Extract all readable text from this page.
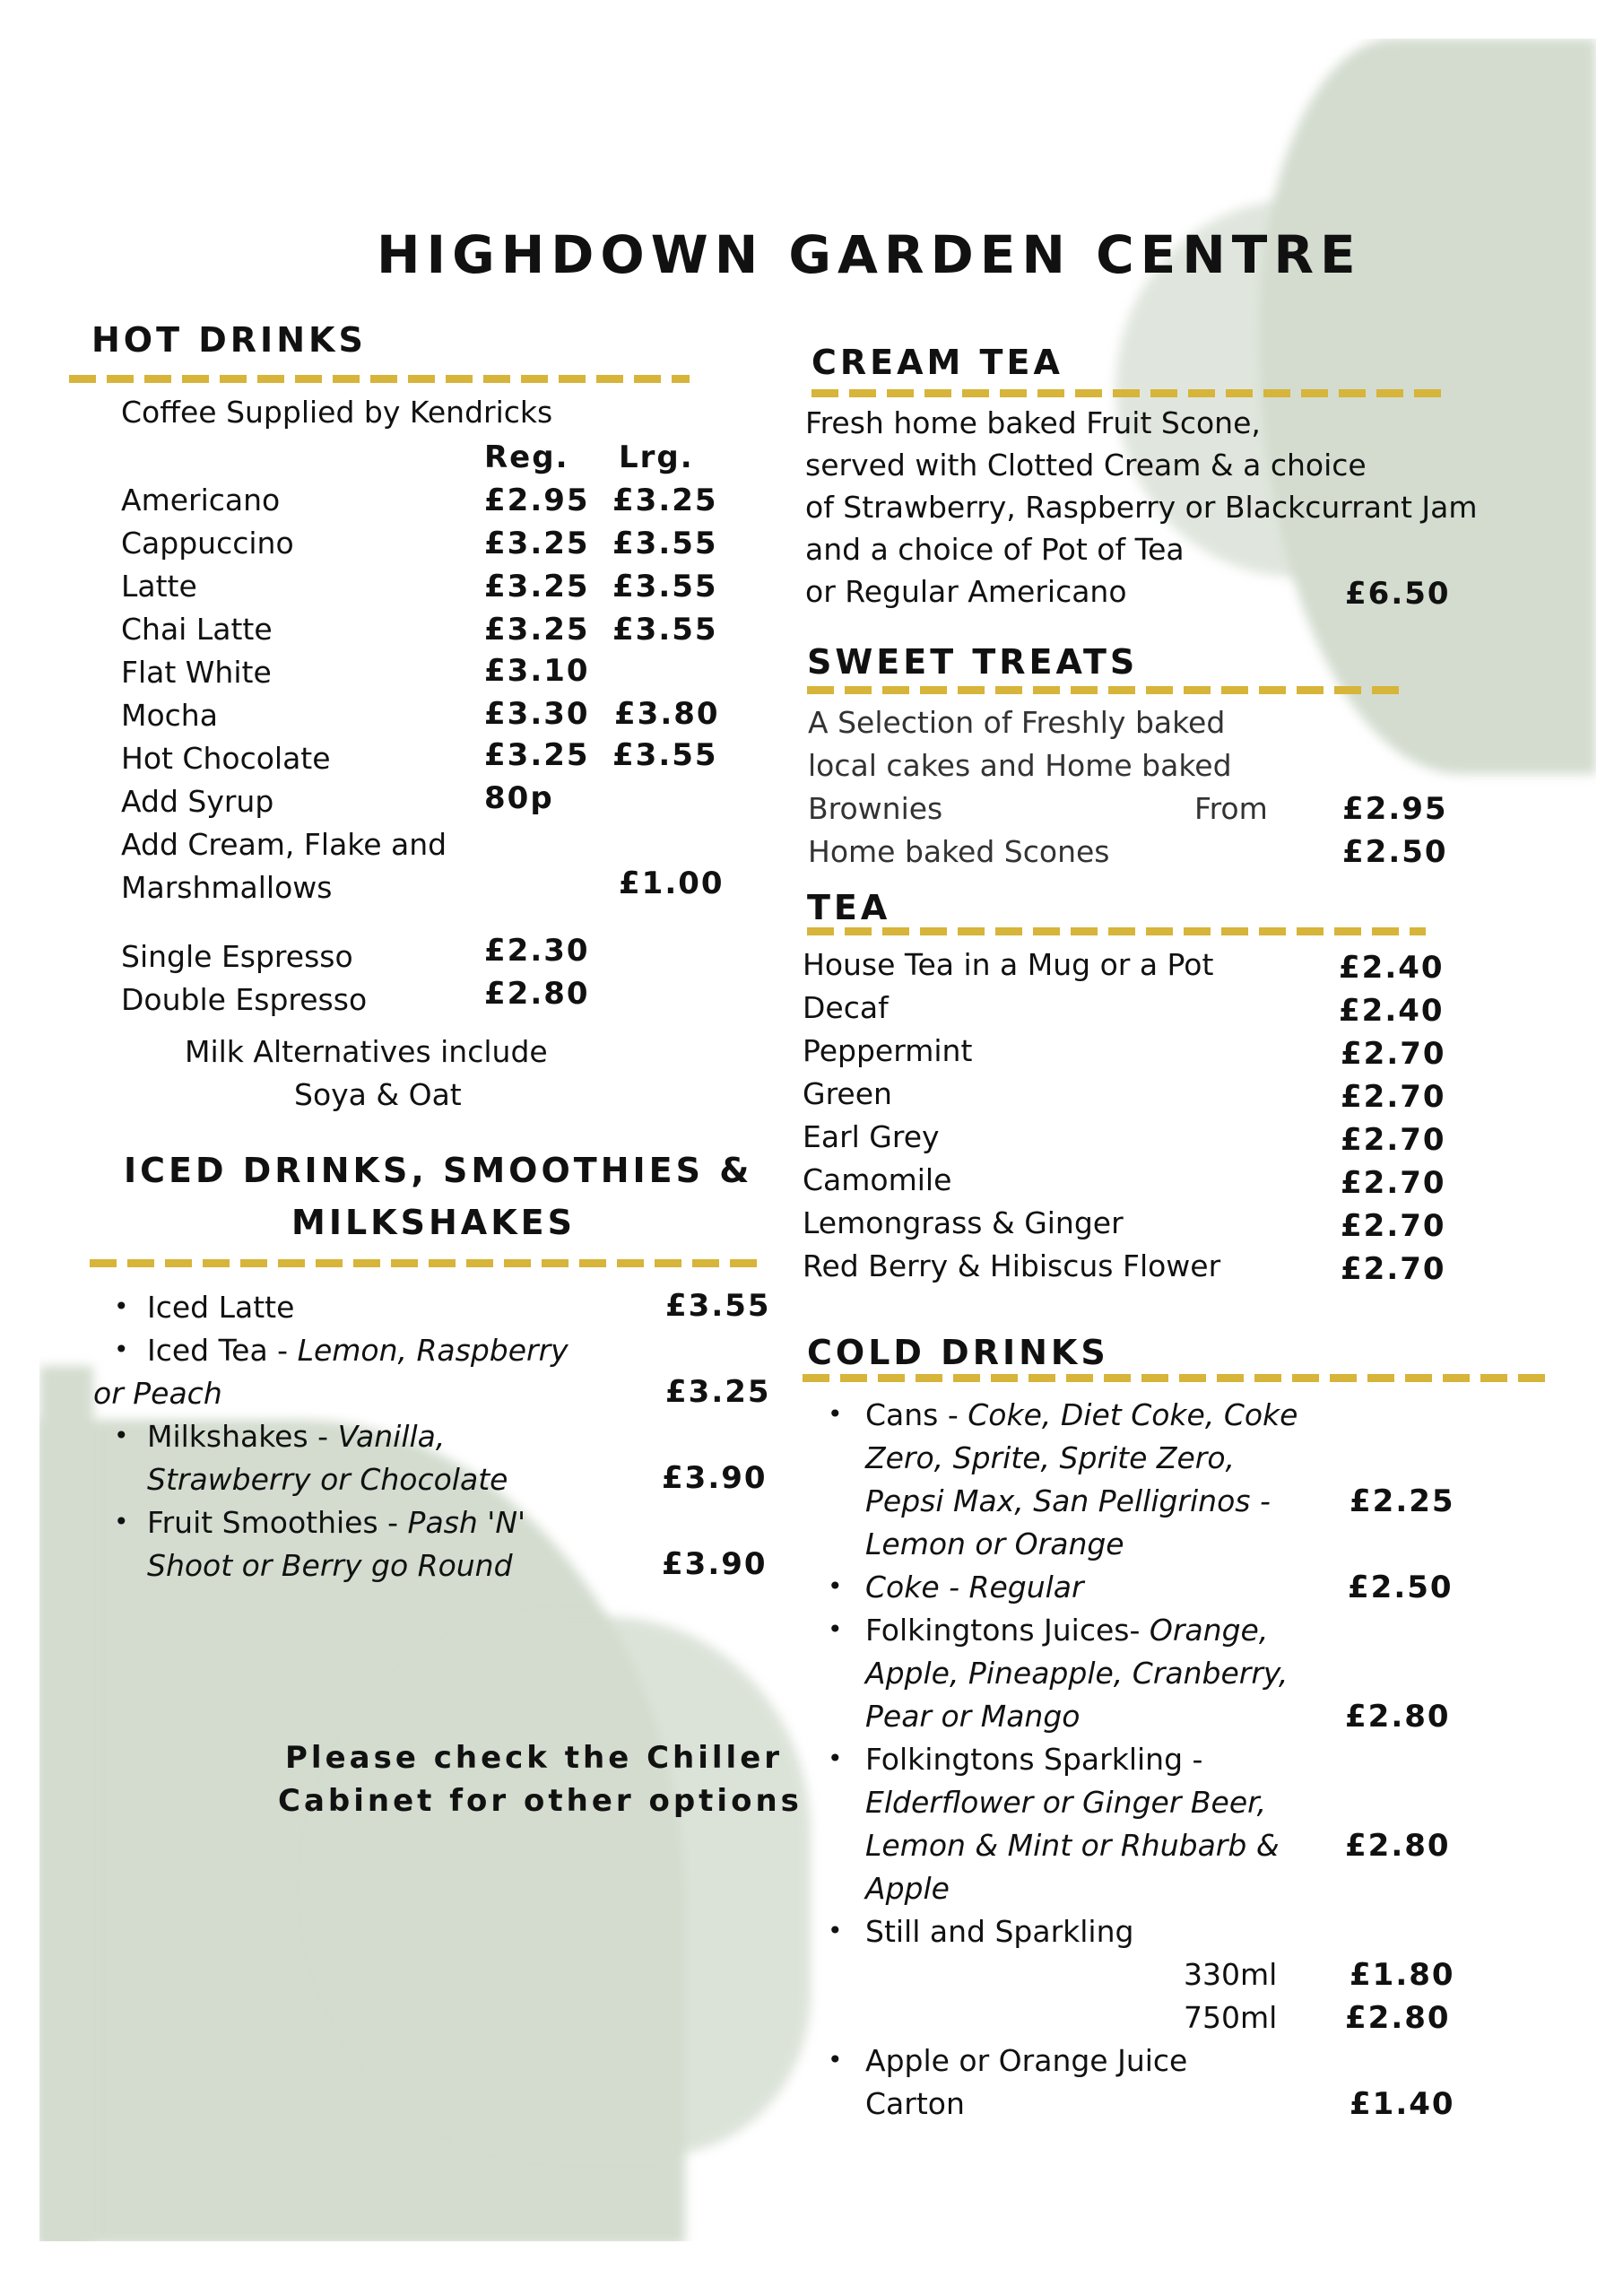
HIGHDOWN GARDEN CENTRE
HOT DRINKS
Coffee Supplied by Kendricks
Reg. Lrg.
Americano	£2.95 £3.25
Cappuccino	£3.25 £3.55
Latte	£3.25 £3.55
Chai Latte	£3.25 £3.55
Flat White	£3.10
Mocha	£3.30 £3.80
Hot Chocolate	£3.25 £3.55
Add Syrup	80p
Add Cream, Flake and
Marshmallows	£1.00
Single Espresso	£2.30
Double Espresso	£2.80
Milk Alternatives include
Soya & Oat
ICED DRINKS, SMOOTHIES &
MILKSHAKES
• Iced Latte	£3.55
• Iced Tea - Lemon, Raspberry
or Peach	£3.25
• Milkshakes - Vanilla,
Strawberry or Chocolate	£3.90
• Fruit Smoothies - Pash 'N'
Shoot or Berry go Round	£3.90
Please check the Chiller
Cabinet for other options
CREAM TEA
Fresh home baked Fruit Scone,
served with Clotted Cream & a choice
of Strawberry, Raspberry or Blackcurrant Jam
and a choice of Pot of Tea
or Regular Americano	£6.50
SWEET TREATS
A Selection of Freshly baked
local cakes and Home baked
Brownies	From £2.95
Home baked Scones	£2.50
TEA
House Tea in a Mug or a Pot	£2.40
Decaf	£2.40
Peppermint	£2.70
Green	£2.70
Earl Grey	£2.70
Camomile	£2.70
Lemongrass & Ginger	£2.70
Red Berry & Hibiscus Flower	£2.70
COLD DRINKS
• Cans - Coke, Diet Coke, Coke
Zero, Sprite, Sprite Zero,
Pepsi Max, San Pelligrinos -
Lemon or Orange
£2.25
• Coke - Regular	£2.50
• Folkingtons Juices- Orange,
Apple, Pineapple, Cranberry,
Pear or Mango	£2.80
• Folkingtons Sparkling -
Elderflower or Ginger Beer,
Lemon & Mint or Rhubarb &
Apple
£2.80
• Still and Sparkling
330ml £1.80
750ml £2.80
• Apple or Orange Juice
Carton	£1.40
